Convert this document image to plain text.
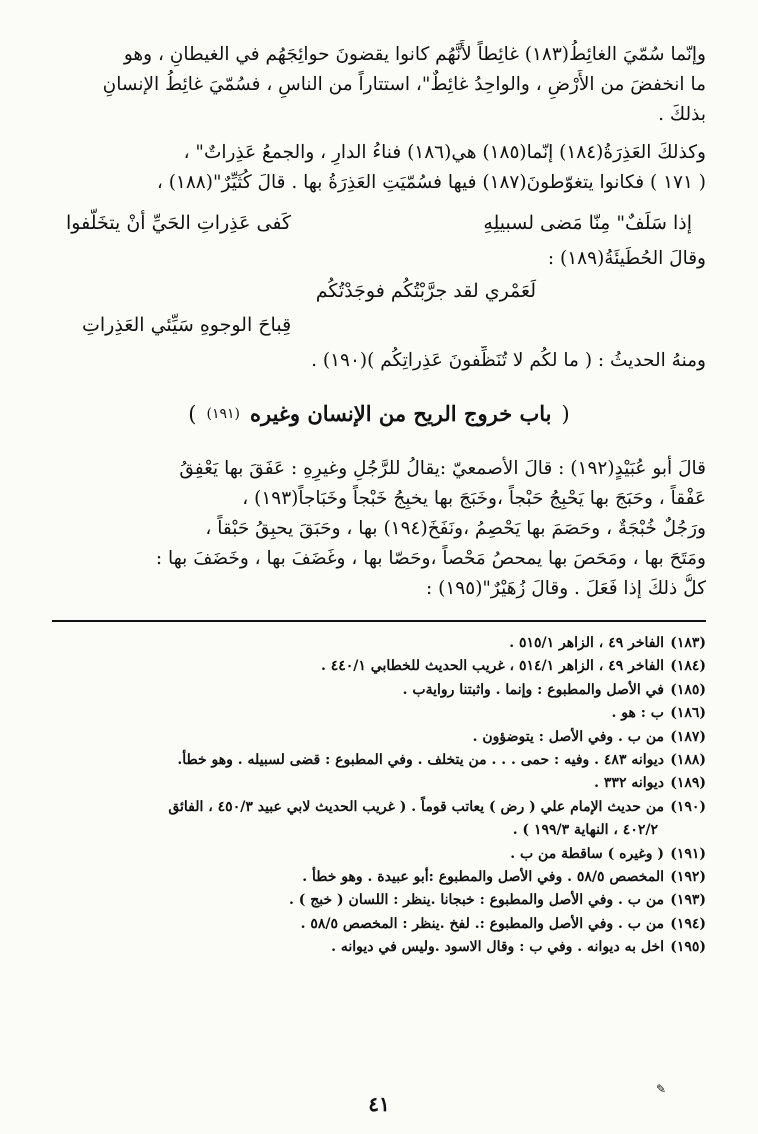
وإنّما سُمّيَ الغائِطُ(١٨٣) غائِطاً لأَنَّهُم كانوا يقضونَ حوائِجَهُم في الغيطانِ ، وهو
ما انخفضَ من الأَرْضِ ، والواحِدُ غائِطٌ"، استتاراً من الناسِ ، فسُمّيَ غائِطُ الإنسانِ
بذلكَ .
وكذلكَ العَذِرَةُ(١٨٤) إنّما(١٨٥) هي(١٨٦) فناءُ الدارِ ، والجمعُ عَذِراتٌ" ،
( ١٧١ ) فكانوا يتغوّطونَ(١٨٧) فيها فسُمّيَتِ العَذِرَةُ بها . قالَ كُثَيِّرٌ"(١٨٨) ،
إذا سَلَفٌ" مِنّا مَضى لسبيلِهِ
كَفى عَذِراتِ الحَيِّ أنْ يتخَلّفوا
وقالَ الحُطَيئَةُ(١٨٩) :
لَعَمْري لقد جرَّبْتُكُم فوجَدْتُكُم
قِباحَ الوجوهِ سَيِّئي العَذِراتِ
ومنهُ الحديثُ : ( ما لكُم لا تُنَظِّفونَ عَذِراتِكُم )(١٩٠) .
(
باب خروج الريح من الإنسان وغيره
(١٩١)
)
قالَ أبو عُبَيْدٍ(١٩٢) : قالَ الأصمعيّ :يقالُ للرَّجُلِ وغيرِهِ : عَفَقَ بها يَعْفِقُ
عَفْقاً ، وحَبَجَ بها يَحْبِجُ حَبْجاً ،وخَبَجَ بها يخبِجُ خَبْجاً وخَبَاجاً(١٩٣) ،
ورَجُلٌ خُبْجَةٌ ، وحَصَمَ بها يَحْصِمُ ،ونَفَخَ(١٩٤) بها ، وحَبَقَ يحبِقُ حَبْقاً ،
ومَتَحَ بها ، ومَحَصَ بها يمحصُ مَحْصاً ،وحَصّا بها ، وغَضَفَ بها ، وخَضَفَ بها :
كلُّ ذلكَ إذا فَعَلَ . وقالَ زُهَيْرٌ"(١٩٥) :
(١٨٣)الفاخر ٤٩ ، الزاهر ٥١٥/١ .
(١٨٤)الفاخر ٤٩ ، الزاهر ٥١٤/١ ، غريب الحديث للخطابي ٤٤٠/١ .
(١٨٥)في الأصل والمطبوع : وإنما . واثبتنا روايةب .
(١٨٦)ب : هو .
(١٨٧)من ب . وفي الأصل : يتوضؤون .
(١٨٨)ديوانه ٤٨٣ . وفيه : حمى . . . من يتخلف . وفي المطبوع : قضى لسبيله . وهو خطأ.
(١٨٩)ديوانه ٣٣٢ .
(١٩٠)من حديث الإمام علي ( رض ) يعاتب قوماً . ( غريب الحديث لابي عبيد ٤٥٠/٣ ، الفائق
٤٠٢/٢ ، النهاية ١٩٩/٣ ) .
(١٩١)( وغيره ) ساقطة من ب .
(١٩٢)المخصص ٥٨/٥ . وفي الأصل والمطبوع :أبو عبيدة . وهو خطأ .
(١٩٣)من ب . وفي الأصل والمطبوع : خبجانا .ينظر : اللسان ( خبج ) .
(١٩٤)من ب . وفي الأصل والمطبوع :. لفخ .ينظر : المخصص ٥٨/٥ .
(١٩٥)اخل به ديوانه . وفي ب : وقال الاسود .وليس في ديوانه .
✎
٤١
